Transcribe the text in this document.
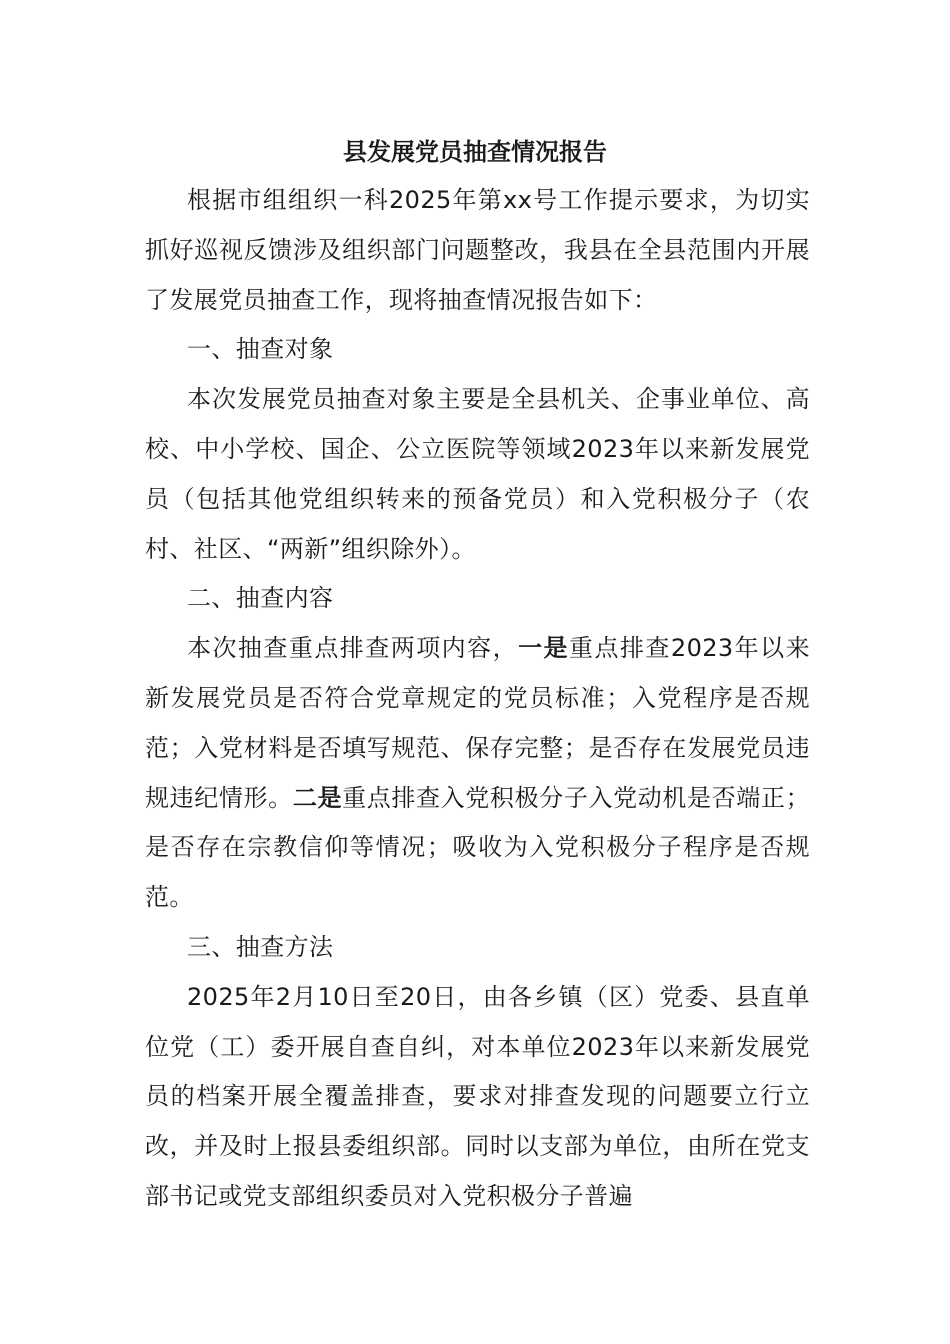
县发展党员抽查情况报告

根据市组组织一科2025年第xx号工作提示要求，为切实抓好巡视反馈涉及组织部门问题整改，我县在全县范围内开展了发展党员抽查工作，现将抽查情况报告如下：

一、抽查对象

本次发展党员抽查对象主要是全县机关、企事业单位、高校、中小学校、国企、公立医院等领域2023年以来新发展党员（包括其他党组织转来的预备党员）和入党积极分子（农村、社区、“两新”组织除外）。

二、抽查内容

本次抽查重点排查两项内容，一是重点排查2023年以来新发展党员是否符合党章规定的党员标准；入党程序是否规范；入党材料是否填写规范、保存完整；是否存在发展党员违规违纪情形。二是重点排查入党积极分子入党动机是否端正；是否存在宗教信仰等情况；吸收为入党积极分子程序是否规范。

三、抽查方法

2025年2月10日至20日，由各乡镇（区）党委、县直单位党（工）委开展自查自纠，对本单位2023年以来新发展党员的档案开展全覆盖排查，要求对排查发现的问题要立行立改，并及时上报县委组织部。同时以支部为单位，由所在党支部书记或党支部组织委员对入党积极分子普遍
